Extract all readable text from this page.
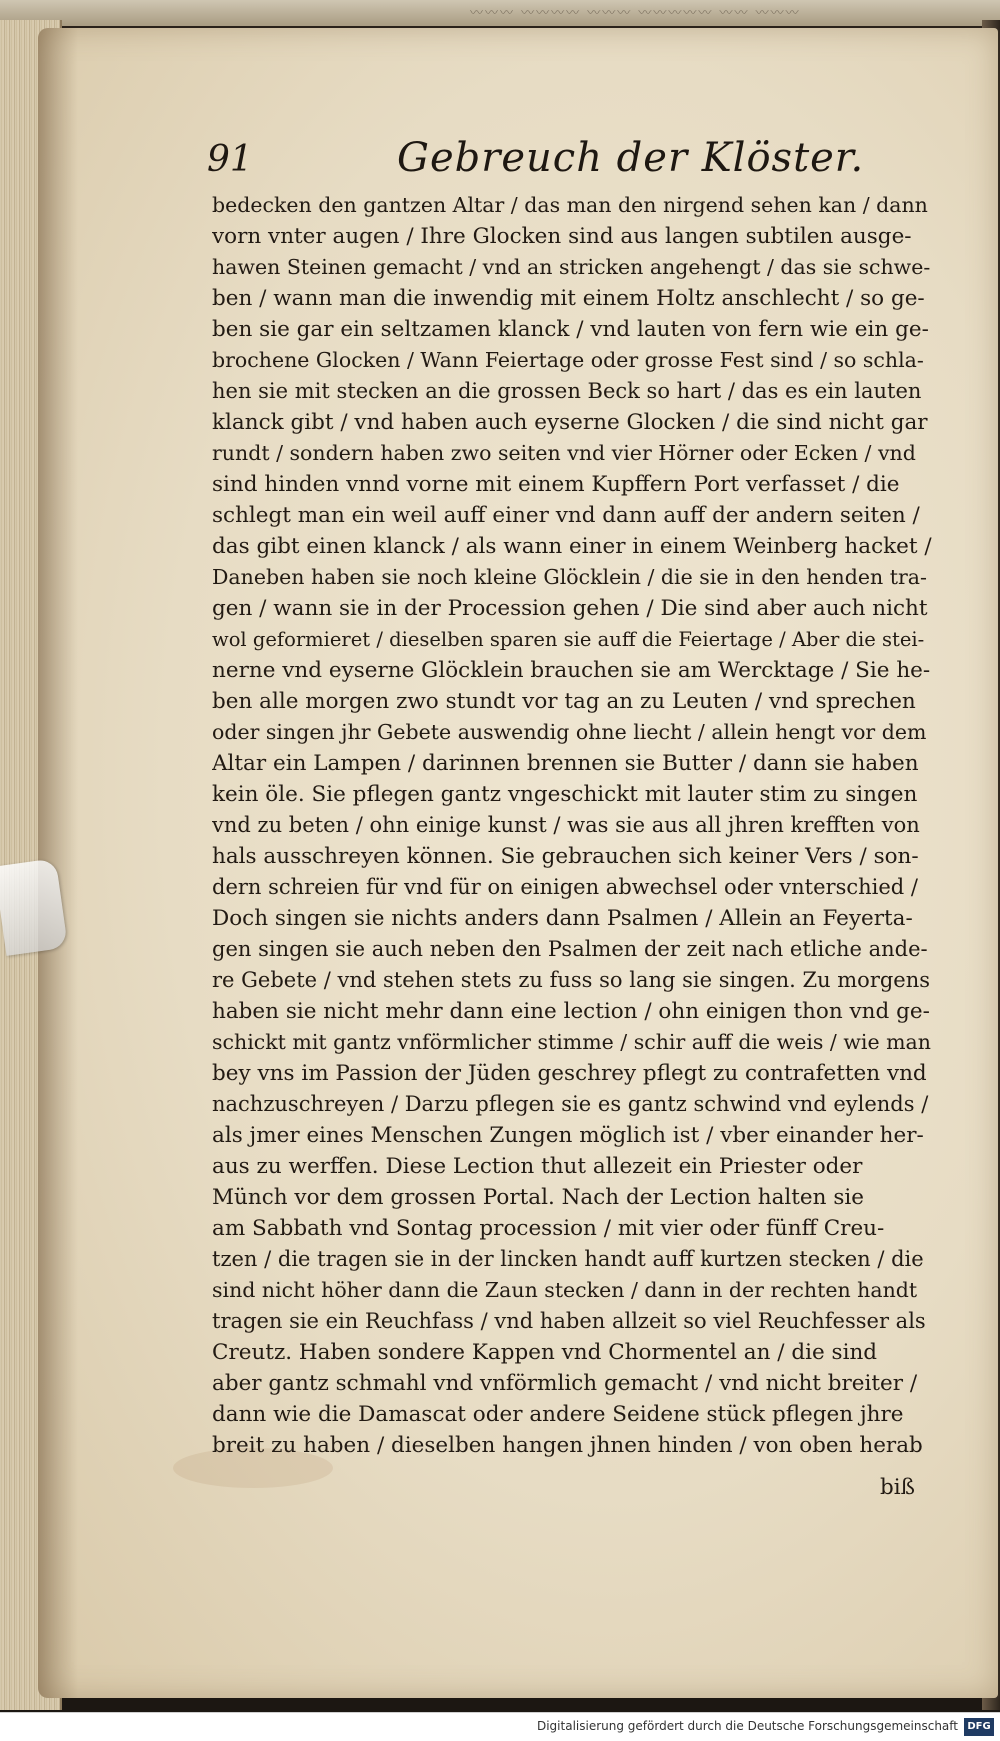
〰〰〰 〰〰〰〰 〰〰〰 〰〰〰〰〰 〰〰 〰〰〰
91	Gebreuch der Klöster.
bedecken den gantzen Altar / das man den nirgend sehen kan / dann
vorn vnter augen / Ihre Glocken sind aus langen subtilen ausge-
hawen Steinen gemacht / vnd an stricken angehengt / das sie schwe-
ben / wann man die inwendig mit einem Holtz anschlecht / so ge-
ben sie gar ein seltzamen klanck / vnd lauten von fern wie ein ge-
brochene Glocken / Wann Feiertage oder grosse Fest sind / so schla-
hen sie mit stecken an die grossen Beck so hart / das es ein lauten
klanck gibt / vnd haben auch eyserne Glocken / die sind nicht gar
rundt / sondern haben zwo seiten vnd vier Hörner oder Ecken / vnd
sind hinden vnnd vorne mit einem Kupffern Port verfasset / die
schlegt man ein weil auff einer vnd dann auff der andern seiten /
das gibt einen klanck / als wann einer in einem Weinberg hacket /
Daneben haben sie noch kleine Glöcklein / die sie in den henden tra-
gen / wann sie in der Procession gehen / Die sind aber auch nicht
wol geformieret / dieselben sparen sie auff die Feiertage / Aber die stei-
nerne vnd eyserne Glöcklein brauchen sie am Wercktage / Sie he-
ben alle morgen zwo stundt vor tag an zu Leuten / vnd sprechen
oder singen jhr Gebete auswendig ohne liecht / allein hengt vor dem
Altar ein Lampen / darinnen brennen sie Butter / dann sie haben
kein öle. Sie pflegen gantz vngeschickt mit lauter stim zu singen
vnd zu beten / ohn einige kunst / was sie aus all jhren krefften von
hals ausschreyen können. Sie gebrauchen sich keiner Vers / son-
dern schreien für vnd für on einigen abwechsel oder vnterschied /
Doch singen sie nichts anders dann Psalmen / Allein an Feyerta-
gen singen sie auch neben den Psalmen der zeit nach etliche ande-
re Gebete / vnd stehen stets zu fuss so lang sie singen. Zu morgens
haben sie nicht mehr dann eine lection / ohn einigen thon vnd ge-
schickt mit gantz vnförmlicher stimme / schir auff die weis / wie man
bey vns im Passion der Jüden geschrey pflegt zu contrafetten vnd
nachzuschreyen / Darzu pflegen sie es gantz schwind vnd eylends /
als jmer eines Menschen Zungen möglich ist / vber einander her-
aus zu werffen. Diese Lection thut allezeit ein Priester oder
Münch vor dem grossen Portal. Nach der Lection halten sie
am Sabbath vnd Sontag procession / mit vier oder fünff Creu-
tzen / die tragen sie in der lincken handt auff kurtzen stecken / die
sind nicht höher dann die Zaun stecken / dann in der rechten handt
tragen sie ein Reuchfass / vnd haben allzeit so viel Reuchfesser als
Creutz. Haben sondere Kappen vnd Chormentel an / die sind
aber gantz schmahl vnd vnförmlich gemacht / vnd nicht breiter /
dann wie die Damascat oder andere Seidene stück pflegen jhre
breit zu haben / dieselben hangen jhnen hinden / von oben herab
biß
Digitalisierung gefördert durch die Deutsche Forschungsgemeinschaft DFG
